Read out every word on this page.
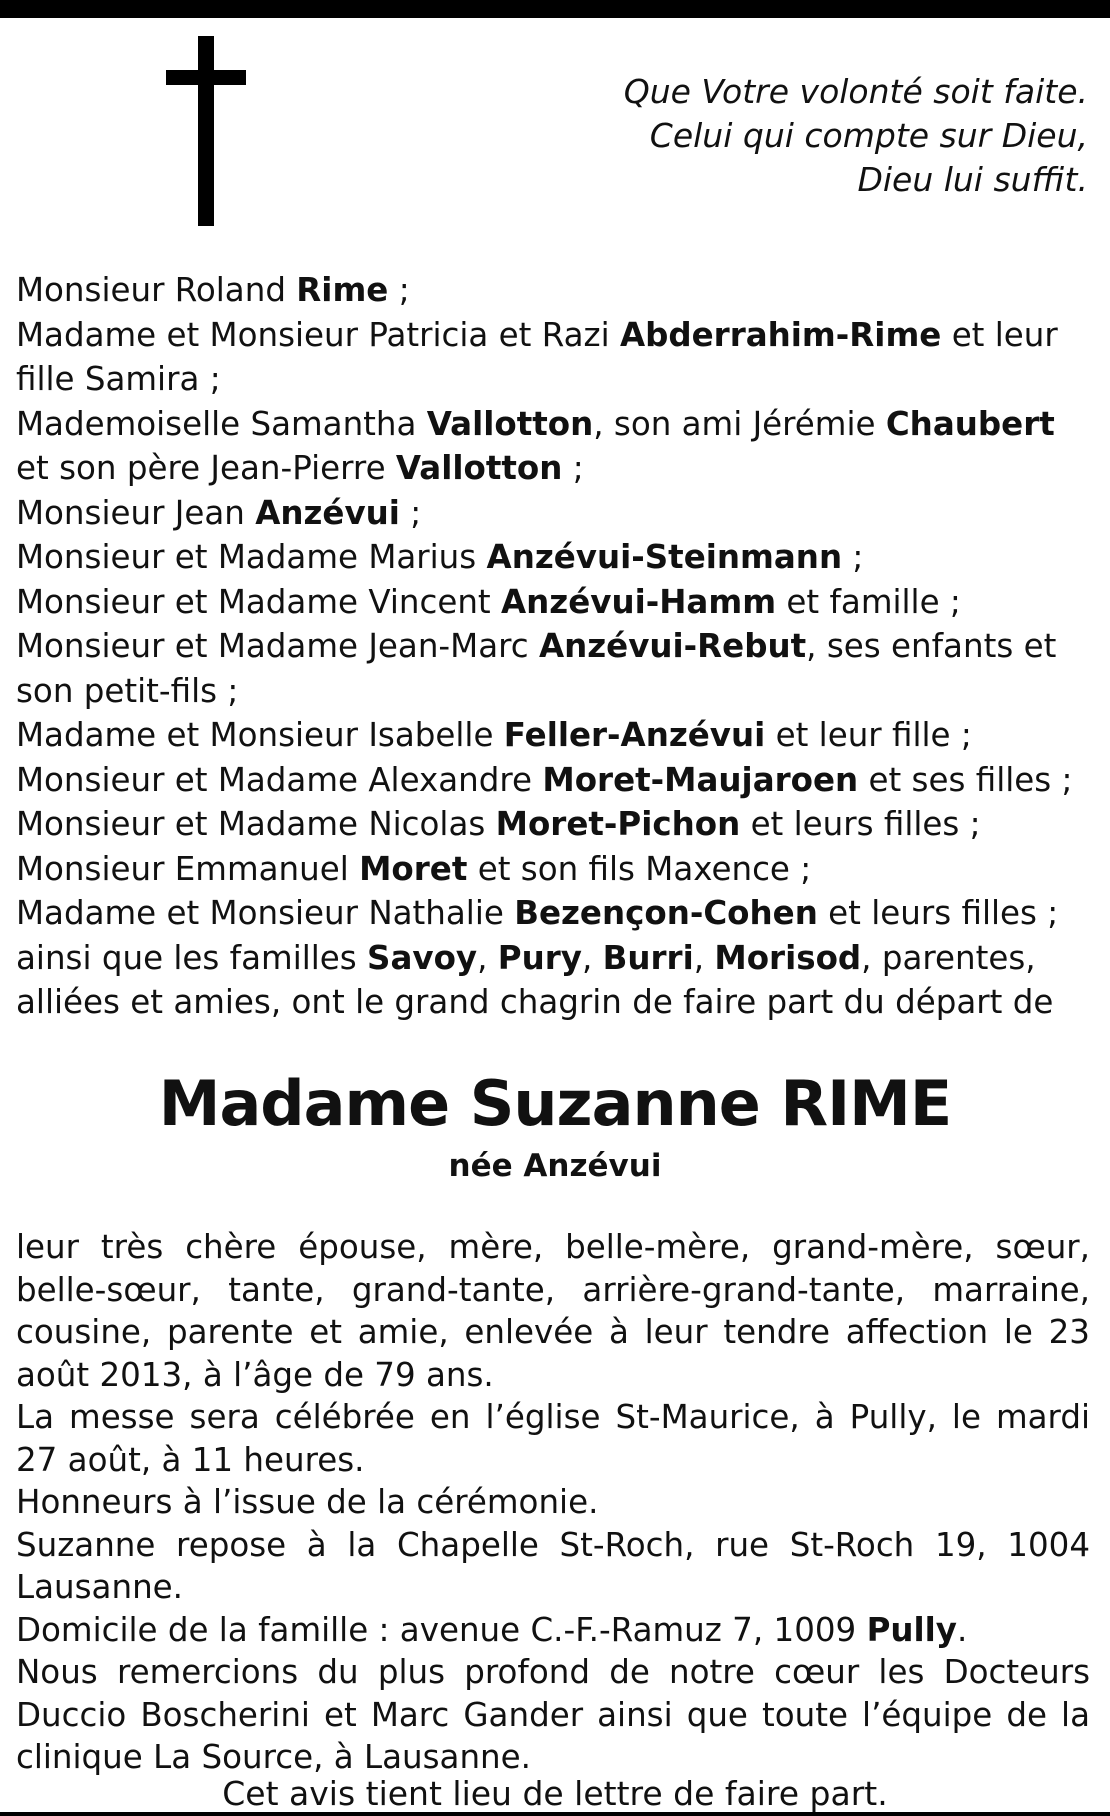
Que Votre volonté soit faite.
Celui qui compte sur Dieu,
Dieu lui suffit.
Monsieur Roland Rime ;
Madame et Monsieur Patricia et Razi Abderrahim-Rime et leur fille Samira ;
Mademoiselle Samantha Vallotton, son ami Jérémie Chaubert et son père Jean-Pierre Vallotton ;
Monsieur Jean Anzévui ;
Monsieur et Madame Marius Anzévui-Steinmann ;
Monsieur et Madame Vincent Anzévui-Hamm et famille ;
Monsieur et Madame Jean-Marc Anzévui-Rebut, ses enfants et son petit-fils ;
Madame et Monsieur Isabelle Feller-Anzévui et leur fille ;
Monsieur et Madame Alexandre Moret-Maujaroen et ses filles ;
Monsieur et Madame Nicolas Moret-Pichon et leurs filles ;
Monsieur Emmanuel Moret et son fils Maxence ;
Madame et Monsieur Nathalie Bezençon-Cohen et leurs filles ;
ainsi que les familles Savoy, Pury, Burri, Morisod, parentes, alliées et amies, ont le grand chagrin de faire part du départ de
Madame Suzanne RIME
née Anzévui

leur très chère épouse, mère, belle-mère, grand-mère, sœur, belle-sœur, tante, grand-tante, arrière-grand-tante, marraine, cousine, parente et amie, enlevée à leur tendre affection le 23 août 2013, à l’âge de 79 ans.

La messe sera célébrée en l’église St-Maurice, à Pully, le mardi 27 août, à 11 heures.

Honneurs à l’issue de la cérémonie.

Suzanne repose à la Chapelle St-Roch, rue St-Roch 19, 1004 Lausanne.

Domicile de la famille : avenue C.-F.-Ramuz 7, 1009 Pully.

Nous remercions du plus profond de notre cœur les Docteurs Duccio Boscherini et Marc Gander ainsi que toute l’équipe de la clinique La Source, à Lausanne.

Cet avis tient lieu de lettre de faire part.
